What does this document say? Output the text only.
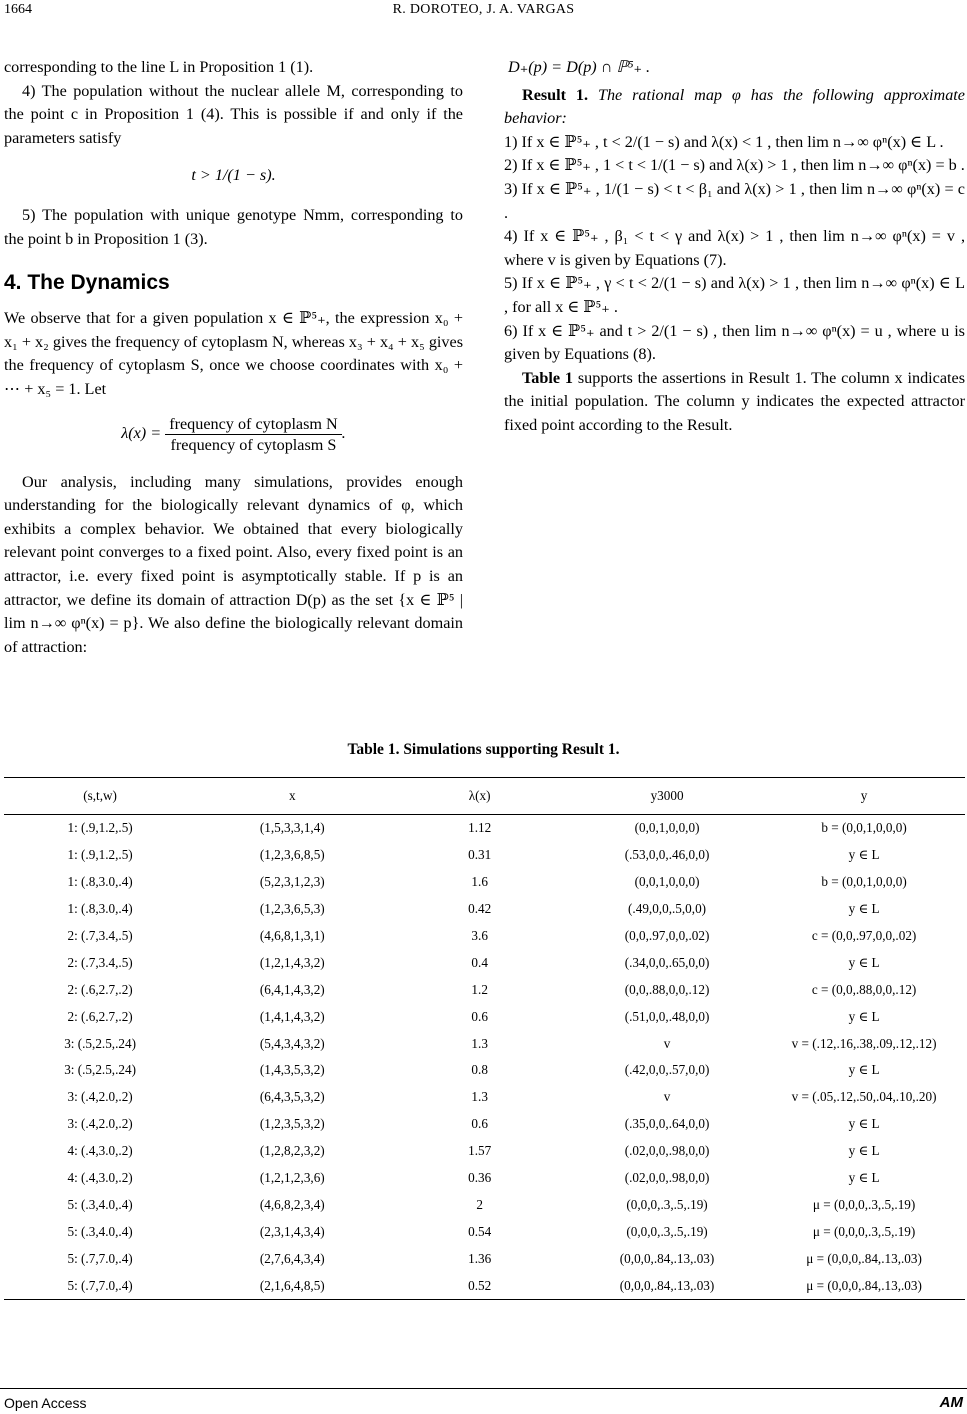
1664	R. DOROTEO, J. A. VARGAS

corresponding to the line L in Proposition 1 (1).

4) The population without the nuclear allele M, corresponding to the point c in Proposition 1 (4). This is possible if and only if the parameters satisfy

t > 1/(1 − s).

5) The population with unique genotype Nmm, corresponding to the point b in Proposition 1 (3).

4. The Dynamics

We observe that for a given population x ∈ ℙ⁵₊, the expression x₀ + x₁ + x₂ gives the frequency of cytoplasm N, whereas x₃ + x₄ + x₅ gives the frequency of cytoplasm S, once we choose coordinates with x₀ + ⋯ + x₅ = 1. Let

$\lambda(x) = \frac{\text{frequency of cytoplasm N}}{\text{frequency of cytoplasm S}}$ .

Our analysis, including many simulations, provides enough understanding for the biologically relevant dynamics of φ, which exhibits a complex behavior. We obtained that every biologically relevant point converges to a fixed point. Also, every fixed point is an attractor, i.e. every fixed point is asymptotically stable. If p is an attractor, we define its domain of attraction D(p) as the set {x ∈ ℙ⁵ | lim n→∞ φⁿ(x) = p}. We also define the biologically relevant domain of attraction:

D₊(p) = D(p) ∩ ℙ⁵₊ .

Result 1. The rational map φ has the following approximate behavior:

1) If x ∈ ℙ⁵₊ , t < 2/(1 − s) and λ(x) < 1 , then lim n→∞ φⁿ(x) ∈ L .

2) If x ∈ ℙ⁵₊ , 1 < t < 1/(1 − s) and λ(x) > 1 , then lim n→∞ φⁿ(x) = b .

3) If x ∈ ℙ⁵₊ , 1/(1 − s) < t < β₁ and λ(x) > 1 , then lim n→∞ φⁿ(x) = c .

4) If x ∈ ℙ⁵₊ , β₁ < t < γ and λ(x) > 1 , then lim n→∞ φⁿ(x) = v , where v is given by Equations (7).

5) If x ∈ ℙ⁵₊ , γ < t < 2/(1 − s) and λ(x) > 1 , then lim n→∞ φⁿ(x) ∈ L , for all x ∈ ℙ⁵₊ .

6) If x ∈ ℙ⁵₊ and t > 2/(1 − s) , then lim n→∞ φⁿ(x) = u , where u is given by Equations (8).

Table 1 supports the assertions in Result 1. The column x indicates the initial population. The column y indicates the expected attractor fixed point according to the Result.

Table 1. Simulations supporting Result 1.
(s,t,w)	x	λ(x)	y3000	y
1: (.9,1.2,.5)	(1,5,3,3,1,4)	1.12	(0,0,1,0,0,0)	b = (0,0,1,0,0,0)
1: (.9,1.2,.5)	(1,2,3,6,8,5)	0.31	(.53,0,0,.46,0,0)	y ∈ L
1: (.8,3.0,.4)	(5,2,3,1,2,3)	1.6	(0,0,1,0,0,0)	b = (0,0,1,0,0,0)
1: (.8,3.0,.4)	(1,2,3,6,5,3)	0.42	(.49,0,0,.5,0,0)	y ∈ L
2: (.7,3.4,.5)	(4,6,8,1,3,1)	3.6	(0,0,.97,0,0,.02)	c = (0,0,.97,0,0,.02)
2: (.7,3.4,.5)	(1,2,1,4,3,2)	0.4	(.34,0,0,.65,0,0)	y ∈ L
2: (.6,2.7,.2)	(6,4,1,4,3,2)	1.2	(0,0,.88,0,0,.12)	c = (0,0,.88,0,0,.12)
2: (.6,2.7,.2)	(1,4,1,4,3,2)	0.6	(.51,0,0,.48,0,0)	y ∈ L
3: (.5,2.5,.24)	(5,4,3,4,3,2)	1.3	v	v = (.12,.16,.38,.09,.12,.12)
3: (.5,2.5,.24)	(1,4,3,5,3,2)	0.8	(.42,0,0,.57,0,0)	y ∈ L
3: (.4,2.0,.2)	(6,4,3,5,3,2)	1.3	v	v = (.05,.12,.50,.04,.10,.20)
3: (.4,2.0,.2)	(1,2,3,5,3,2)	0.6	(.35,0,0,.64,0,0)	y ∈ L
4: (.4,3.0,.2)	(1,2,8,2,3,2)	1.57	(.02,0,0,.98,0,0)	y ∈ L
4: (.4,3.0,.2)	(1,2,1,2,3,6)	0.36	(.02,0,0,.98,0,0)	y ∈ L
5: (.3,4.0,.4)	(4,6,8,2,3,4)	2	(0,0,0,.3,.5,.19)	μ = (0,0,0,.3,.5,.19)
5: (.3,4.0,.4)	(2,3,1,4,3,4)	0.54	(0,0,0,.3,.5,.19)	μ = (0,0,0,.3,.5,.19)
5: (.7,7.0,.4)	(2,7,6,4,3,4)	1.36	(0,0,0,.84,.13,.03)	μ = (0,0,0,.84,.13,.03)
5: (.7,7.0,.4)	(2,1,6,4,8,5)	0.52	(0,0,0,.84,.13,.03)	μ = (0,0,0,.84,.13,.03)
Open Access	AM
